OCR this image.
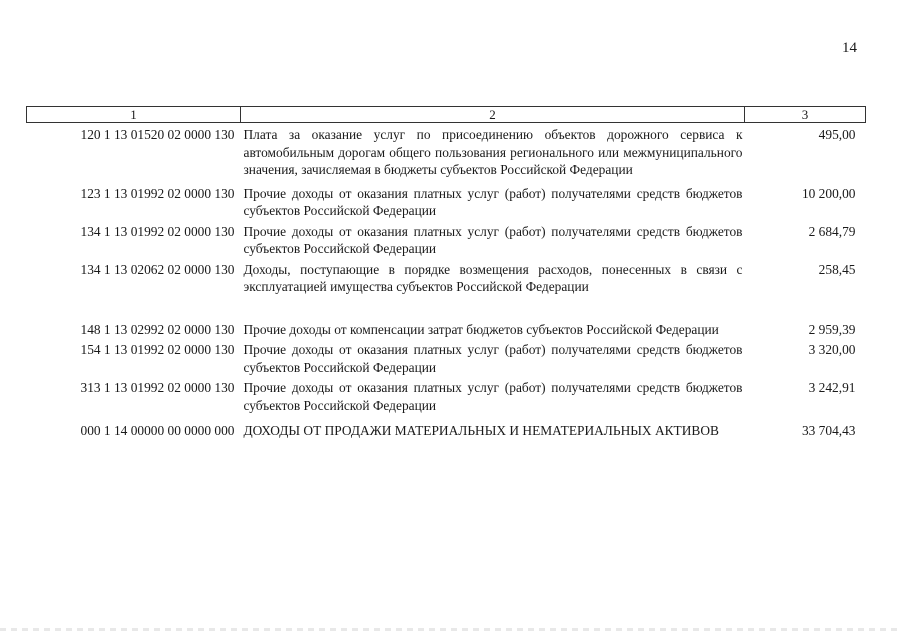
14
1	2	3
120 1 13 01520 02 0000 130	Плата за оказание услуг по присоединению объектов дорожного сервиса к автомобильным дорогам общего пользования регионального или межмуниципального значения, зачисляемая в бюджеты субъектов Российской Федерации	495,00
123 1 13 01992 02 0000 130	Прочие доходы от оказания платных услуг (работ) получателями средств бюджетов субъектов Российской Федерации	10 200,00
134 1 13 01992 02 0000 130	Прочие доходы от оказания платных услуг (работ) получателями средств бюджетов субъектов Российской Федерации	2 684,79
134 1 13 02062 02 0000 130	Доходы, поступающие в порядке возмещения расходов, понесенных в связи с эксплуатацией имущества субъектов Российской Федерации	258,45
148 1 13 02992 02 0000 130	Прочие доходы от компенсации затрат бюджетов субъектов Российской Федерации	2 959,39
154 1 13 01992 02 0000 130	Прочие доходы от оказания платных услуг (работ) получателями средств бюджетов субъектов Российской Федерации	3 320,00
313 1 13 01992 02 0000 130	Прочие доходы от оказания платных услуг (работ) получателями средств бюджетов субъектов Российской Федерации	3 242,91
000 1 14 00000 00 0000 000	ДОХОДЫ ОТ ПРОДАЖИ МАТЕРИАЛЬНЫХ И НЕМАТЕРИАЛЬНЫХ АКТИВОВ	33 704,43
